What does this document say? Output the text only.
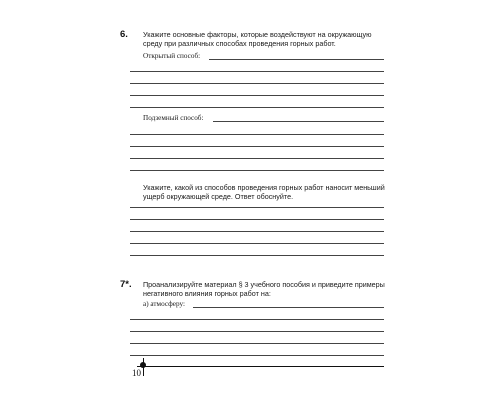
6. Укажите основные факторы, которые воздействуют на окружающую среду при различных способах проведения горных работ.
Открытый способ:
Подземный способ:
Укажите, какой из способов проведения горных работ наносит меньший ущерб окружающей среде. Ответ обоснуйте.
7*. Проанализируйте материал § 3 учебного пособия и приведите примеры негативного влияния горных работ на:
а) атмосферу:
10
